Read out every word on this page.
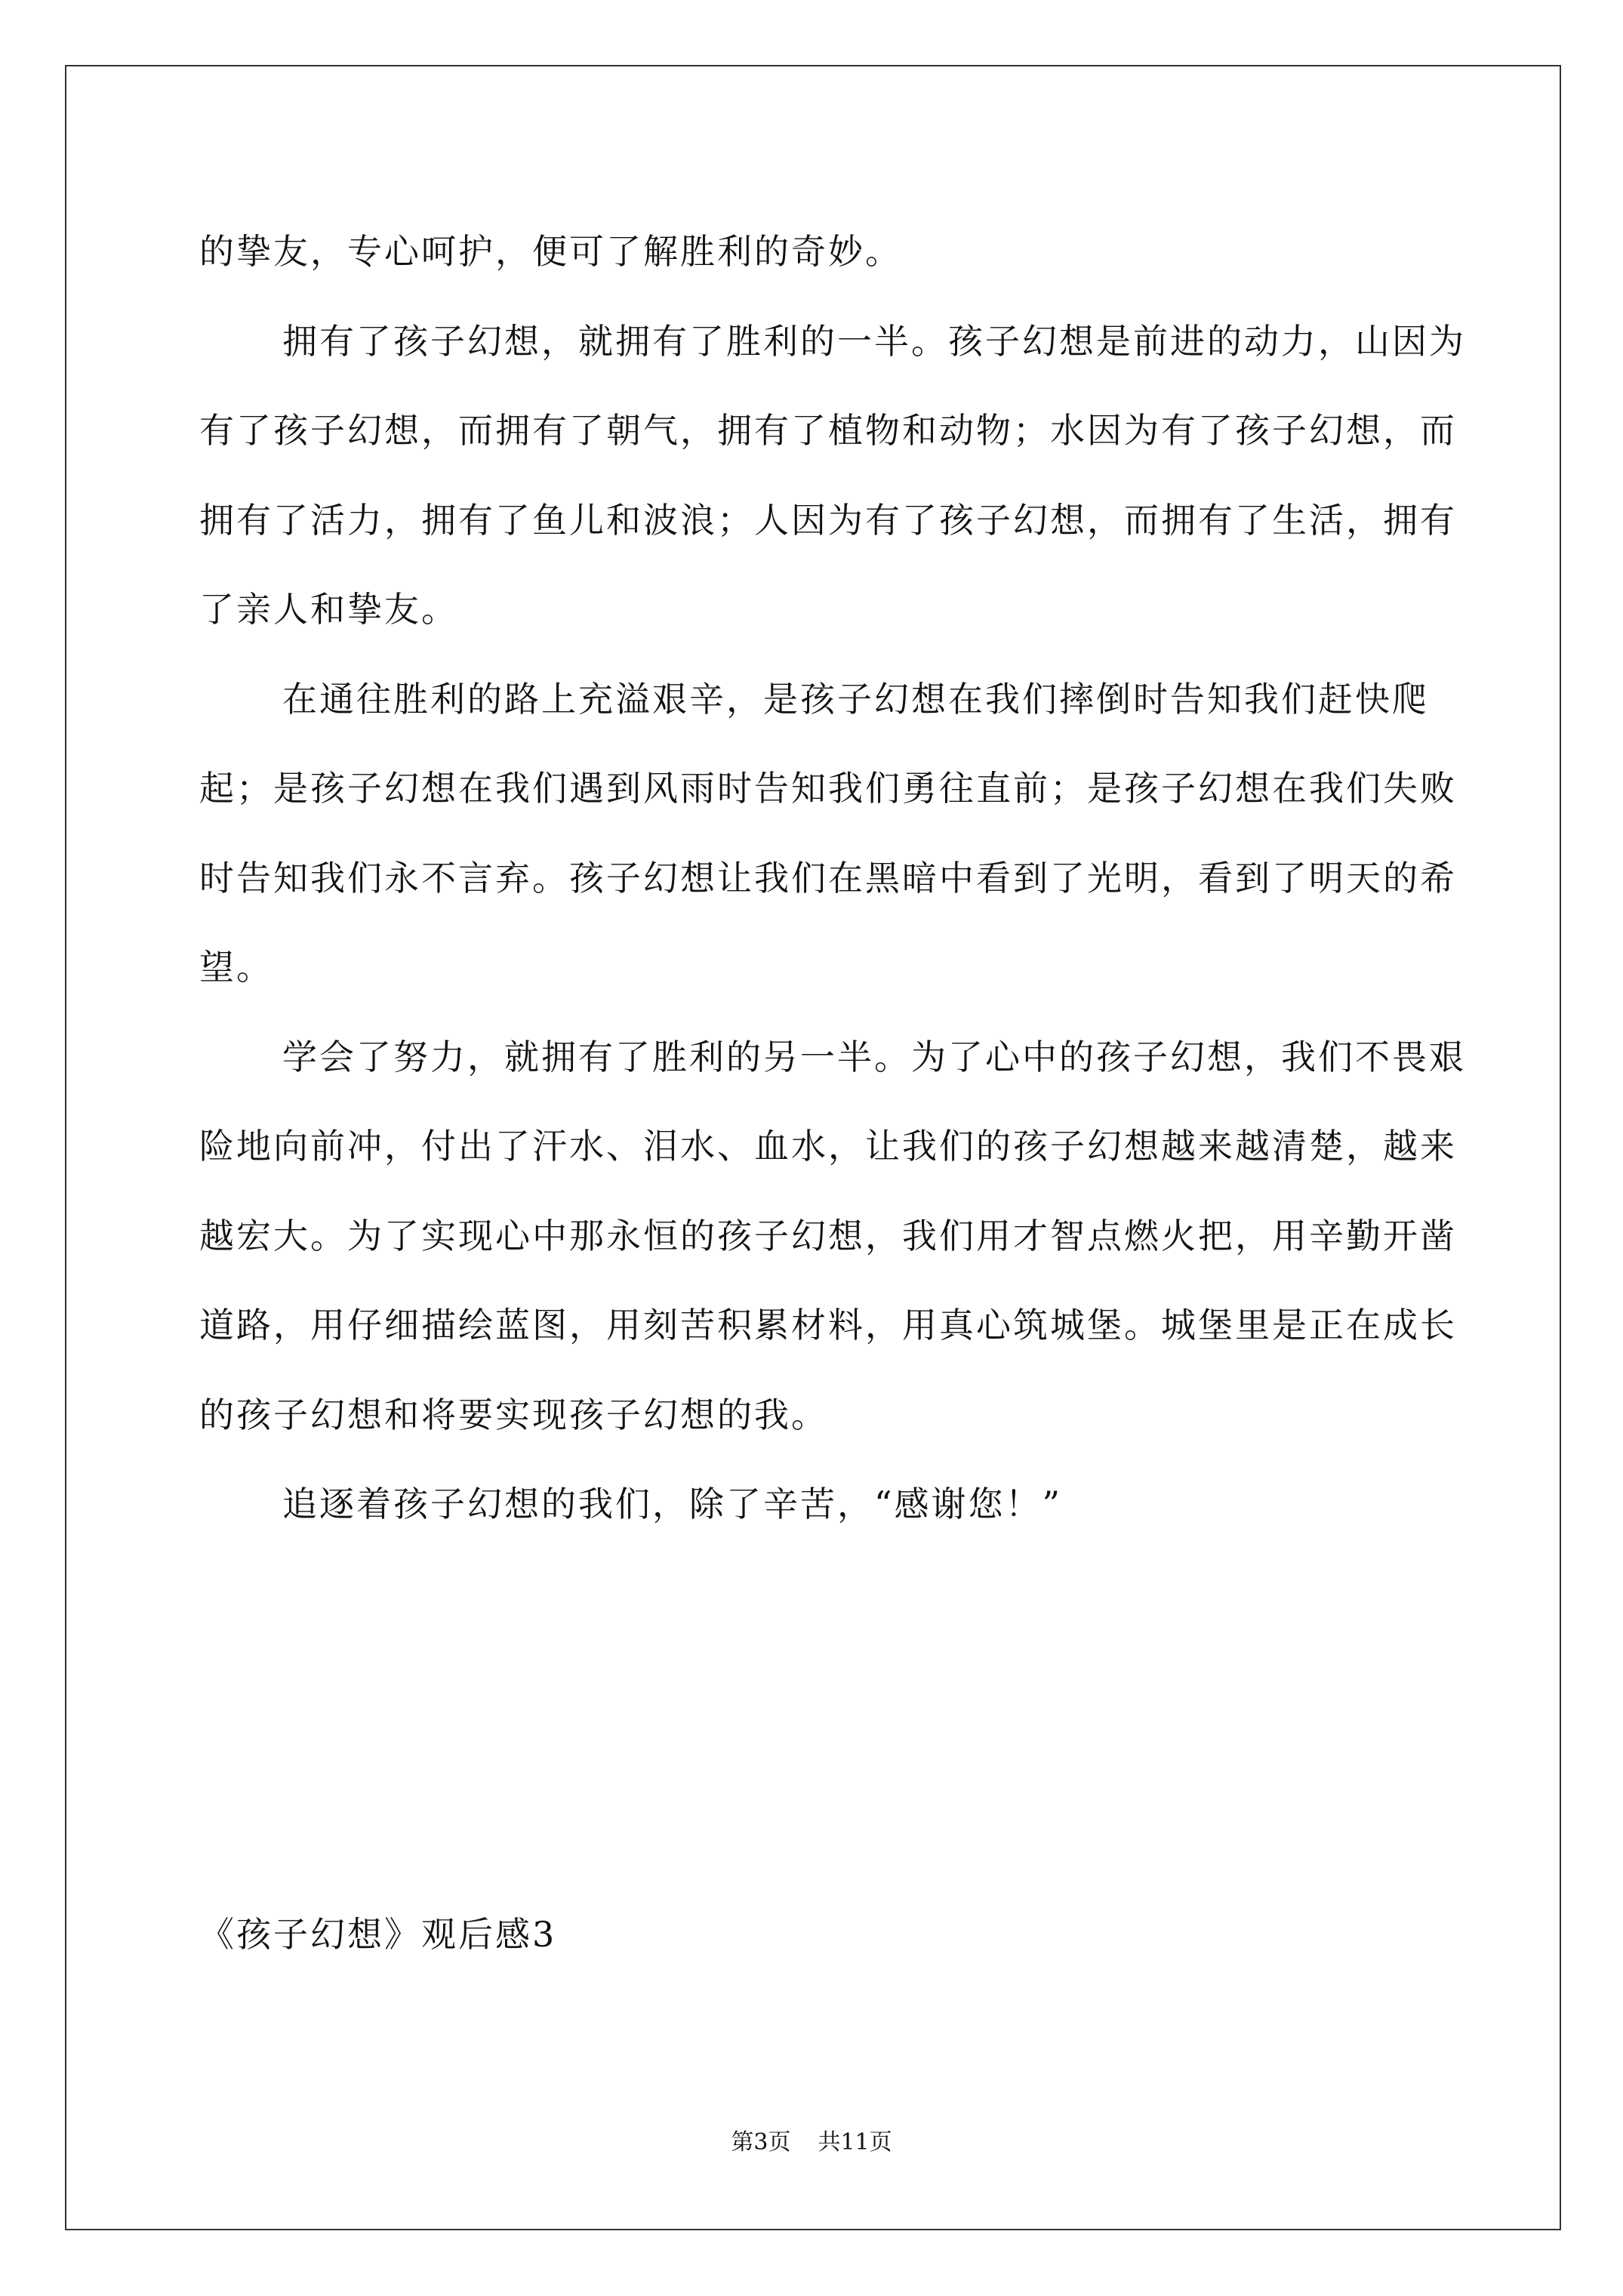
的挚友，专心呵护，便可了解胜利的奇妙。

拥有了孩子幻想，就拥有了胜利的一半。孩子幻想是前进的动力，山因为有了孩子幻想，而拥有了朝气，拥有了植物和动物；水因为有了孩子幻想，而拥有了活力，拥有了鱼儿和波浪；人因为有了孩子幻想，而拥有了生活，拥有了亲人和挚友。

在通往胜利的路上充溢艰辛，是孩子幻想在我们摔倒时告知我们赶快爬起；是孩子幻想在我们遇到风雨时告知我们勇往直前；是孩子幻想在我们失败时告知我们永不言弃。孩子幻想让我们在黑暗中看到了光明，看到了明天的希望。

学会了努力，就拥有了胜利的另一半。为了心中的孩子幻想，我们不畏艰险地向前冲，付出了汗水、泪水、血水，让我们的孩子幻想越来越清楚，越来越宏大。为了实现心中那永恒的孩子幻想，我们用才智点燃火把，用辛勤开凿道路，用仔细描绘蓝图，用刻苦积累材料，用真心筑城堡。城堡里是正在成长的孩子幻想和将要实现孩子幻想的我。

追逐着孩子幻想的我们，除了辛苦，“感谢您！”

《孩子幻想》观后感3
第3页 共11页
